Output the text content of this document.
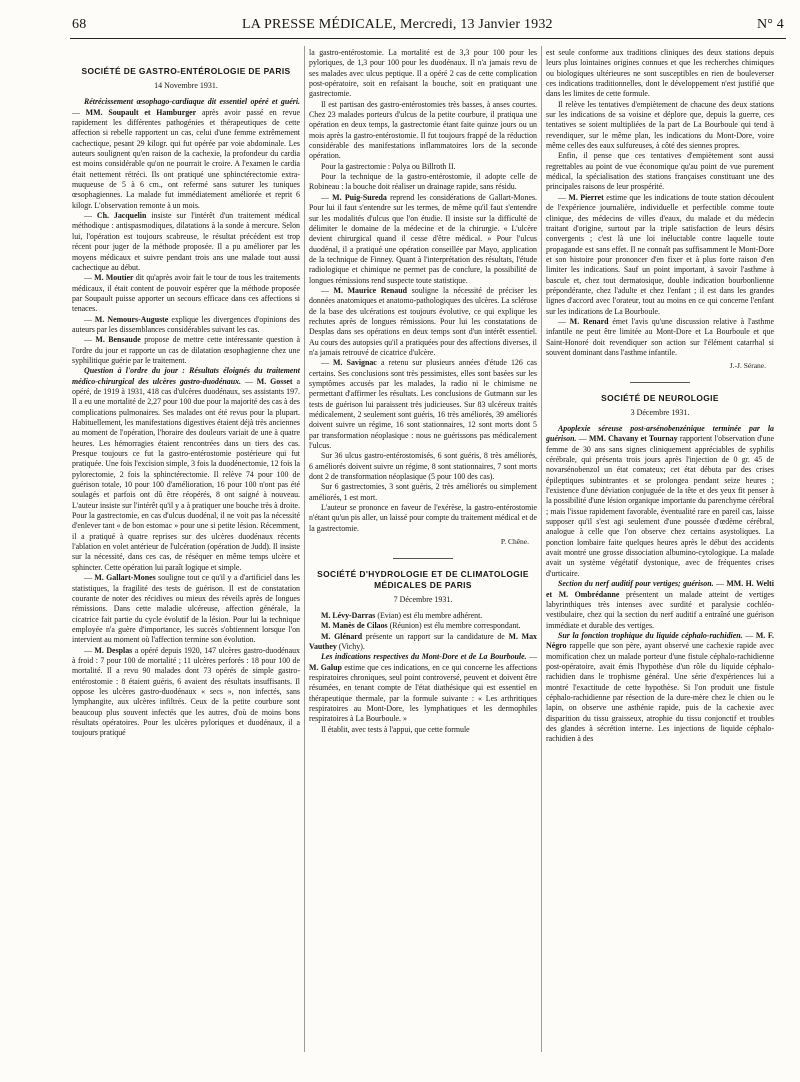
68	LA PRESSE MÉDICALE, Mercredi, 13 Janvier 1932	N° 4
SOCIÉTÉ DE GASTRO-ENTÉROLOGIE DE PARIS
14 Novembre 1931.

Rétrécissement œsophago-cardiaque dit essentiel opéré et guéri. — MM. Soupault et Hamburger après avoir passé en revue rapidement les différentes pathogénies et thérapeutiques de cette affection si rebelle rapportent un cas, celui d'une femme extrêmement cachectique, pesant 29 kilogr. qui fut opérée par voie abdominale. Les auteurs soulignent qu'en raison de la cachexie, la profondeur du cardia est moins considérable qu'on ne pourrait le croire. A l'examen le cardia était nettement rétréci. Ils ont pratiqué une sphinctérectomie extra-muqueuse de 5 à 6 cm., ont refermé sans suturer les tuniques œsophagiennes. La malade fut immédiatement améliorée et reprit 6 kilogr. L'observation remonte à un mois.

— Ch. Jacquelin insiste sur l'intérêt d'un traitement médical méthodique : antispasmodiques, dilatations à la sonde à mercure. Selon lui, l'opération est toujours scabreuse, le résultat précédent est trop récent pour juger de la méthode proposée. Il a pu améliorer par les moyens médicaux et suivre pendant trois ans une malade tout aussi cachectique au début.

— M. Moutier dit qu'après avoir fait le tour de tous les traitements médicaux, il était content de pouvoir espérer que la méthode proposée par Soupault puisse apporter un secours efficace dans ces affections si tenaces.

— M. Nemours-Auguste explique les divergences d'opinions des auteurs par les dissemblances considérables suivant les cas.

— M. Bensaude propose de mettre cette intéressante question à l'ordre du jour et rapporte un cas de dilatation œsophagienne chez une syphilitique guérie par le traitement.

Question à l'ordre du jour : Résultats éloignés du traitement médico-chirurgical des ulcères gastro-duodénaux. — M. Gosset a opéré, de 1919 à 1931, 418 cas d'ulcères duodénaux, ses assistants 197. Il a eu une mortalité de 2,27 pour 100 due pour la majorité des cas à des complications pulmonaires. Ses malades ont été revus pour la plupart. Habituellement, les manifestations digestives étaient déjà très anciennes au moment de l'opération, l'horaire des douleurs variait de une à quatre heures. Les hémorragies étaient rencontrées dans un tiers des cas. Presque toujours ce fut la gastro-entérostomie postérieure qui fut pratiquée. Une fois l'excision simple, 3 fois la duodénectomie, 12 fois la pylorectomie, 2 fois la sphinctérectomie. Il relève 74 pour 100 de guérison totale, 10 pour 100 d'amélioration, 16 pour 100 n'ont pas été soulagés et parfois ont dû être réopérés, 8 ont saigné à nouveau. L'auteur insiste sur l'intérêt qu'il y a à pratiquer une bouche très à droite. Pour la gastrectomie, en cas d'ulcus duodénal, il ne voit pas la nécessité d'enlever tant « de bon estomac » pour une si petite lésion. Récemment, il a pratiqué à quatre reprises sur des ulcères duodénaux récents l'ablation en volet antérieur de l'ulcération (opération de Judd). Il insiste sur la nécessité, dans ces cas, de réséquer en même temps ulcère et sphincter. Cette opération lui paraît logique et simple.

— M. Gallart-Mones souligne tout ce qu'il y a d'artificiel dans les statistiques, la fragilité des tests de guérison. Il est de constatation courante de noter des récidives ou mieux des réveils après de longues rémissions. Dans cette maladie ulcéreuse, affection générale, la cicatrice fait partie du cycle évolutif de la lésion. Pour lui la technique employée n'a guère d'importance, les succès s'obtiennent lorsque l'on intervient au moment où l'affection termine son évolution.

— M. Desplas a opéré depuis 1920, 147 ulcères gastro-duodénaux à froid : 7 pour 100 de mortalité ; 11 ulcères perforés : 18 pour 100 de mortalité. Il a revu 90 malades dont 73 opérés de simple gastro-entérostomie : 8 étaient guéris, 6 avaient des résultats insuffisants. Il oppose les ulcères gastro-duodénaux « secs », non infectés, sans lymphangite, aux ulcères infiltrés. Ceux de la petite courbure sont beaucoup plus souvent infectés que les autres, d'où de moins bons résultats opératoires. Pour les ulcères pyloriques et duodénaux, il a toujours pratiqué

la gastro-entérostomie. La mortalité est de 3,3 pour 100 pour les pyloriques, de 1,3 pour 100 pour les duodénaux. Il n'a jamais revu de ses malades avec ulcus peptique. Il a opéré 2 cas de cette complication post-opératoire, soit en refaisant la bouche, soit en pratiquant une gastrectomie.

Il est partisan des gastro-entérostomies très basses, à anses courtes. Chez 23 malades porteurs d'ulcus de la petite courbure, il pratiqua une opération en deux temps, la gastrectomie étant faite quinze jours ou un mois après la gastro-entérostomie. Il fut toujours frappé de la réduction considérable des manifestations inflammatoires lors de la seconde opération.

Pour la gastrectomie : Polya ou Billroth II.

Pour la technique de la gastro-entérostomie, il adopte celle de Robineau : la bouche doit réaliser un drainage rapide, sans résidu.

— M. Puig-Sureda reprend les considérations de Gallart-Mones. Pour lui il faut s'entendre sur les termes, de même qu'il faut s'entendre sur les modalités d'ulcus que l'on étudie. Il insiste sur la difficulté de délimiter le domaine de la médecine et de la chirurgie. « L'ulcère devient chirurgical quand il cesse d'être médical. » Pour l'ulcus duodénal, il a pratiqué une opération conseillée par Mayo, application de la technique de Finney. Quant à l'interprétation des résultats, l'étude radiologique et chimique ne permet pas de conclure, la possibilité de longues rémissions rend suspecte toute statistique.

— M. Maurice Renaud souligne la nécessité de préciser les données anatomiques et anatomo-pathologiques des ulcères. La sclérose de la base des ulcérations est toujours évolutive, ce qui explique les rechutes après de longues rémissions. Pour lui les constatations de Desplas dans ses opérations en deux temps sont d'un intérêt essentiel. Au cours des autopsies qu'il a pratiquées pour des affections diverses, il n'a jamais retrouvé de cicatrice d'ulcère.

— M. Savignac a retenu sur plusieurs années d'étude 126 cas certains. Ses conclusions sont très pessimistes, elles sont basées sur les symptômes accusés par les malades, la radio ni le chimisme ne permettant d'affirmer les résultats. Les conclusions de Gutmann sur les tests de guérison lui paraissent très judicieuses. Sur 83 ulcéreux traités médicalement, 2 seulement sont guéris, 16 très améliorés, 39 améliorés doivent suivre un régime, 16 sont stationnaires, 12 sont morts dont 5 par transformation néoplasique : nous ne guérissons pas médicalement l'ulcus.

Sur 36 ulcus gastro-entérostomisés, 6 sont guéris, 8 très améliorés, 6 améliorés doivent suivre un régime, 8 sont stationnaires, 7 sont morts dont 2 de transformation néoplasique (5 pour 100 des cas).

Sur 6 gastrectomies, 3 sont guéris, 2 très améliorés ou simplement améliorés, 1 est mort.

L'auteur se prononce en faveur de l'exérèse, la gastro-entérostomie n'étant qu'un pis aller, un laissé pour compte du traitement médical et de la gastrectomie.

P. Chêne.
SOCIÉTÉ D'HYDROLOGIE ET DE CLIMATOLOGIE MÉDICALES DE PARIS
7 Décembre 1931.

M. Lévy-Darras (Evian) est élu membre adhérent.

M. Manès de Cilaos (Réunion) est élu membre correspondant.

M. Glénard présente un rapport sur la candidature de M. Max Vauthey (Vichy).

Les indications respectives du Mont-Dore et de La Bourboule. — M. Galup estime que ces indications, en ce qui concerne les affections respiratoires chroniques, seul point controversé, peuvent et doivent être résumées, en tenant compte de l'état diathésique qui est essentiel en thérapeutique thermale, par la formule suivante : « Les arthritiques respiratoires au Mont-Dore, les lymphatiques et les dermophiles respiratoires à La Bourboule. »

Il établit, avec tests à l'appui, que cette formule

est seule conforme aux traditions cliniques des deux stations depuis leurs plus lointaines origines connues et que les recherches chimiques ou biologiques ultérieures ne sont susceptibles en rien de bouleverser ces indications traditionnelles, dont le développement n'est justifié que dans les limites de cette formule.

Il relève les tentatives d'empiètement de chacune des deux stations sur les indications de sa voisine et déplore que, depuis la guerre, ces tentatives se soient multipliées de la part de La Bourboule qui tend à revendiquer, sur le même plan, les indications du Mont-Dore, voire même celles des eaux sulfureuses, à côté des siennes propres.

Enfin, il pense que ces tentatives d'empiètement sont aussi regrettables au point de vue économique qu'au point de vue purement médical, la spécialisation des stations françaises constituant une des principales raisons de leur prospérité.

— M. Pierret estime que les indications de toute station découlent de l'expérience journalière, individuelle et perfectible comme toute clinique, des médecins de villes d'eaux, du malade et du médecin traitant d'origine, surtout par la triple satisfaction de leurs désirs convergents ; c'est là une loi inéluctable contre laquelle toute propagande est sans effet. Il ne connaît pas suffisamment le Mont-Dore et son histoire pour prononcer d'en fixer et à plus forte raison d'en limiter les indications. Sauf un point important, à savoir l'asthme à bascule et, chez tout dermatosique, double indication bourbonlienne prépondérante, chez l'adulte et chez l'enfant ; il est dans les grandes lignes d'accord avec l'orateur, tout au moins en ce qui concerne l'enfant sur les indications de La Bourboule.

— M. Renard émet l'avis qu'une discussion relative à l'asthme infantile ne peut être limitée au Mont-Dore et La Bourboule et que Saint-Honoré doit revendiquer son action sur l'élément catarrhal si souvent dominant dans l'asthme infantile.

J.-J. Sérane.
SOCIÉTÉ DE NEUROLOGIE
3 Décembre 1931.

Apoplexie séreuse post-arsénobenzénique terminée par la guérison. — MM. Chavany et Tournay rapportent l'observation d'une femme de 30 ans sans signes cliniquement appréciables de syphilis cérébrale, qui présenta trois jours après l'injection de 0 gr. 45 de novarsénobenzol un état comateux; cet état débuta par des crises épileptiques subintrantes et se prolongea pendant seize heures ; l'existence d'une déviation conjuguée de la tête et des yeux fit penser à la possibilité d'une lésion organique importante du parenchyme cérébral ; mais l'issue rapidement favorable, éventualité rare en pareil cas, laisse supposer qu'il s'est agi seulement d'une poussée d'œdème cérébral, analogue à celle que l'on observe chez certains asystoliques. La ponction lombaire faite quelques heures après le début des accidents avait montré une grosse dissociation albumino-cytologique. La malade avait un système végétatif dystonique, avec de fréquentes crises d'urticaire.

Section du nerf auditif pour vertiges; guérison. — MM. H. Welti et M. Ombrédanne présentent un malade atteint de vertiges labyrinthiques très intenses avec surdité et paralysie cochléo-vestibulaire, chez qui la section du nerf auditif a entraîné une guérison immédiate et durable des vertiges.

Sur la fonction trophique du liquide céphalo-rachidien. — M. F. Négro rappelle que son père, ayant observé une cachexie rapide avec momification chez un malade porteur d'une fistule céphalo-rachidienne post-opératoire, avait émis l'hypothèse d'un rôle du liquide céphalo-rachidien dans le trophisme général. Une série d'expériences lui a montré l'exactitude de cette hypothèse. Si l'on produit une fistule céphalo-rachidienne par résection de la dure-mère chez le chien ou le lapin, on observe une asthénie rapide, puis de la cachexie avec disparition du tissu graisseux, atrophie du tissu conjonctif et troubles des glandes à sécrétion interne. Les injections de liquide céphalo-rachidien à des
